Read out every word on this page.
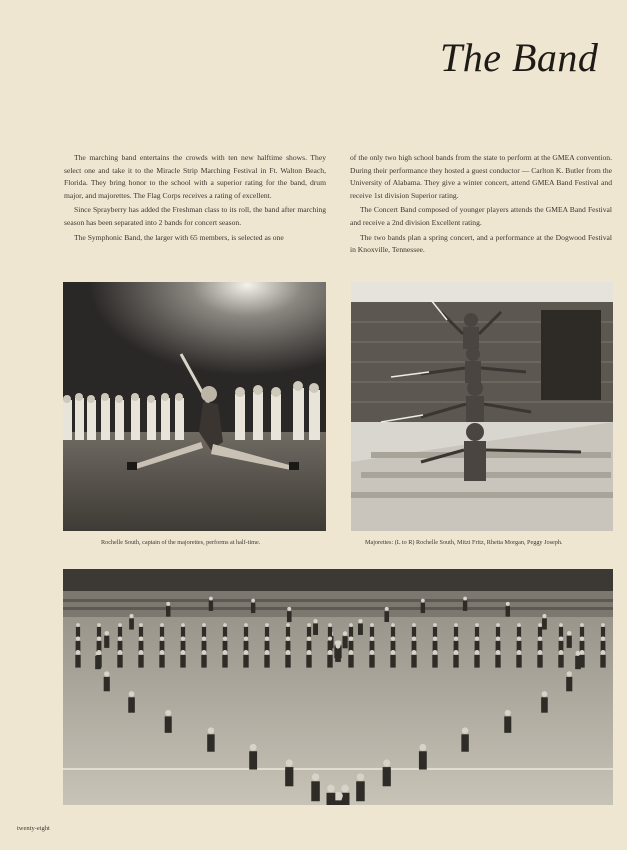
The Band

The marching band entertains the crowds with ten new halftime shows. They select one and take it to the Miracle Strip Marching Festival in Ft. Walton Beach, Florida. They bring honor to the school with a superior rating for the band, drum major, and majorettes. The Flag Corps receives a rating of excellent.

Since Sprayberry has added the Freshman class to its roll, the band after marching season has been separated into 2 bands for concert season.

The Symphonic Band, the larger with 65 members, is selected as one

of the only two high school bands from the state to perform at the GMEA convention. During their performance they hosted a guest conductor — Carlton K. Butler from the University of Alabama. They give a winter concert, attend GMEA Band Festival and receive 1st division Superior rating.

The Concert Band composed of younger players attends the GMEA Band Festival and receive a 2nd division Excellent rating.

The two bands plan a spring concert, and a performance at the Dogwood Festival in Knoxville, Tennessee.

Rochelle South, captain of the majorettes, performs at half-time.	Majorettes: (L to R) Rochelle South, Mitzi Fritz, Rhetta Morgan, Peggy Joseph.
twenty-eight
